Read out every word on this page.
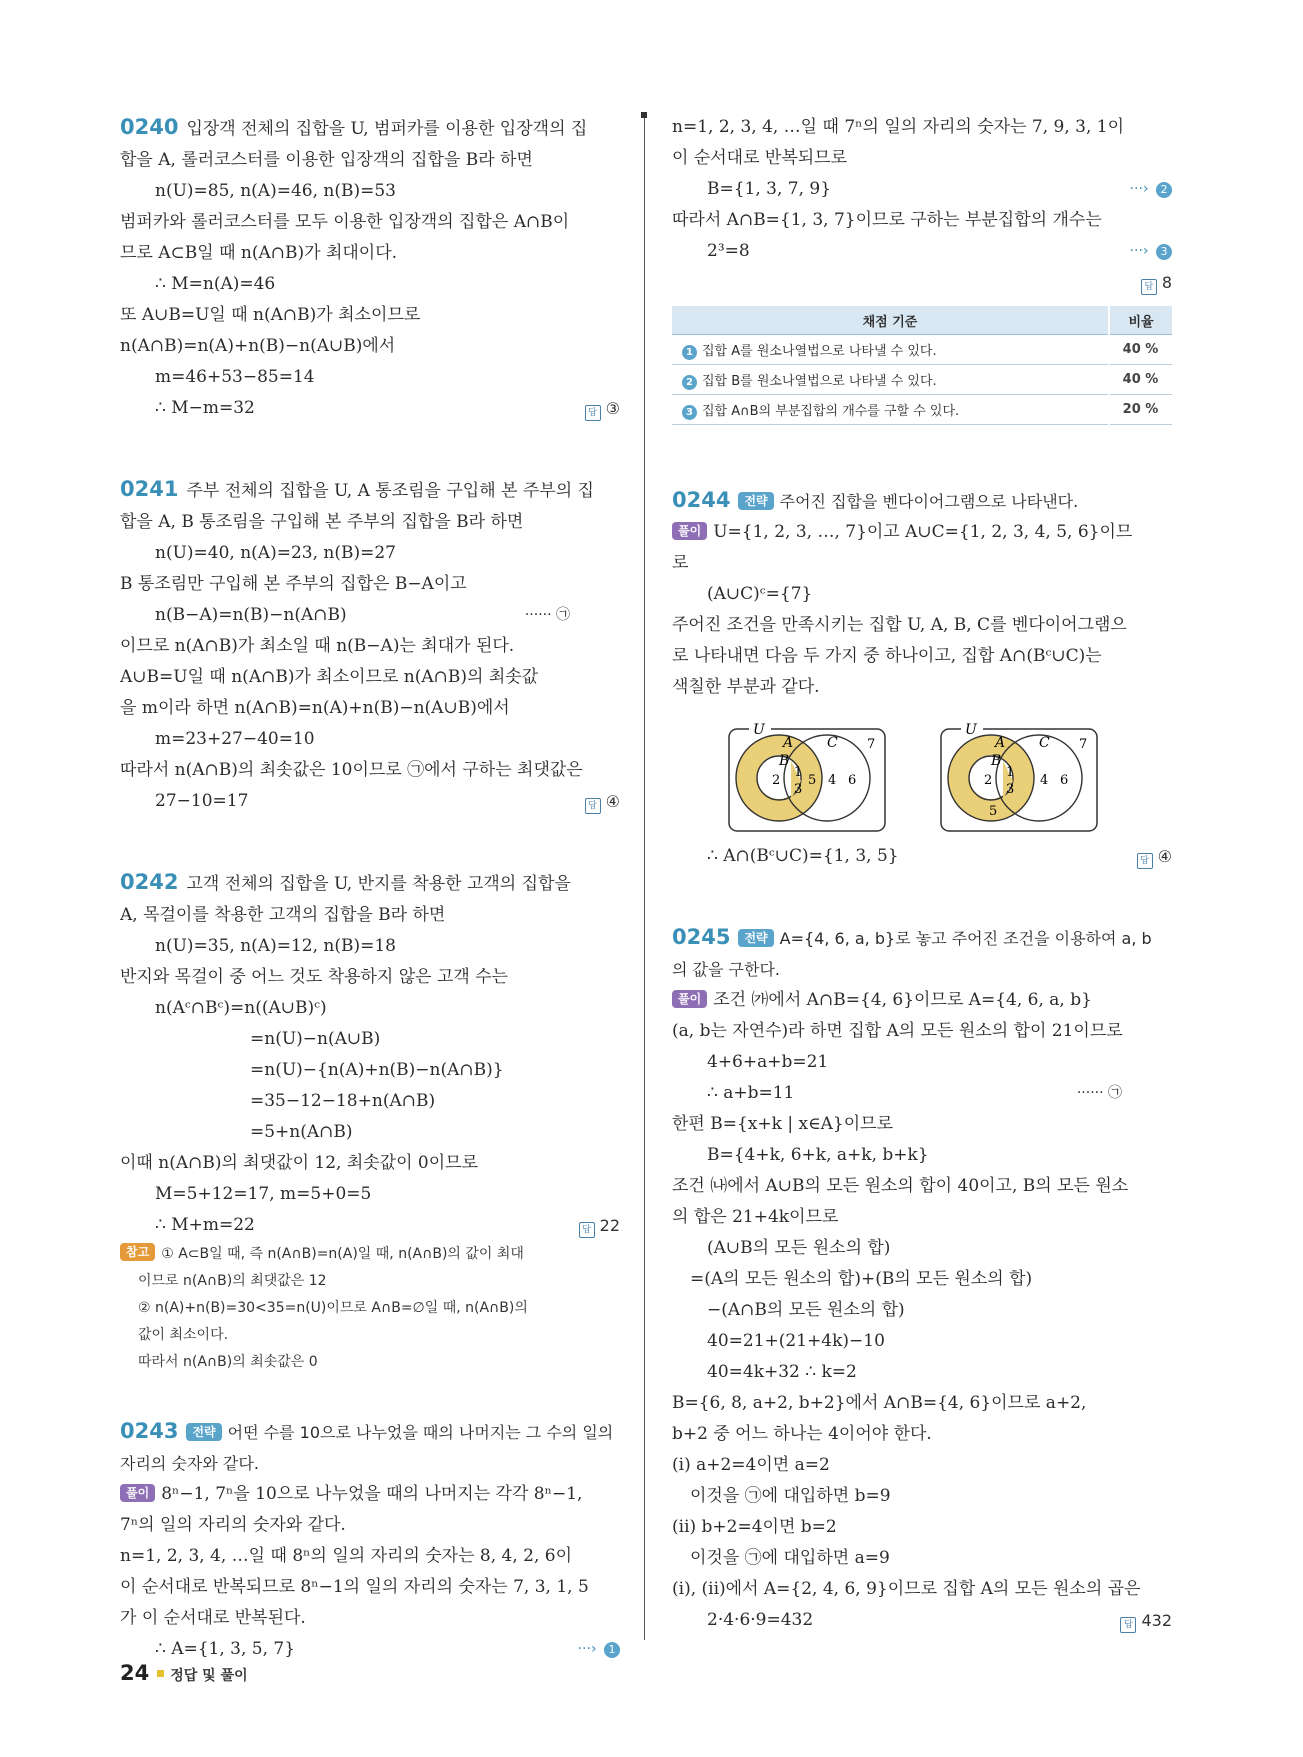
0240 입장객 전체의 집합을 U, 범퍼카를 이용한 입장객의 집
합을 A, 롤러코스터를 이용한 입장객의 집합을 B라 하면
n(U)=85, n(A)=46, n(B)=53
범퍼카와 롤러코스터를 모두 이용한 입장객의 집합은 A∩B이
므로 A⊂B일 때 n(A∩B)가 최대이다.
∴ M=n(A)=46
또 A∪B=U일 때 n(A∩B)가 최소이므로
n(A∩B)=n(A)+n(B)−n(A∪B)에서
m=46+53−85=14
답 ③
∴ M−m=32
0241 주부 전체의 집합을 U, A 통조림을 구입해 본 주부의 집
합을 A, B 통조림을 구입해 본 주부의 집합을 B라 하면
n(U)=40, n(A)=23, n(B)=27
B 통조림만 구입해 본 주부의 집합은 B−A이고
······ ㉠
n(B−A)=n(B)−n(A∩B)
이므로 n(A∩B)가 최소일 때 n(B−A)는 최대가 된다.
A∪B=U일 때 n(A∩B)가 최소이므로 n(A∩B)의 최솟값
을 m이라 하면 n(A∩B)=n(A)+n(B)−n(A∪B)에서
m=23+27−40=10
따라서 n(A∩B)의 최솟값은 10이므로 ㉠에서 구하는 최댓값은
답 ④
27−10=17
0242 고객 전체의 집합을 U, 반지를 착용한 고객의 집합을
A, 목걸이를 착용한 고객의 집합을 B라 하면
n(U)=35, n(A)=12, n(B)=18
반지와 목걸이 중 어느 것도 착용하지 않은 고객 수는
n(Aᶜ∩Bᶜ)=n((A∪B)ᶜ)
=n(U)−n(A∪B)
=n(U)−{n(A)+n(B)−n(A∩B)}
=35−12−18+n(A∩B)
=5+n(A∩B)
이때 n(A∩B)의 최댓값이 12, 최솟값이 0이므로
M=5+12=17, m=5+0=5
답 22
∴ M+m=22
참고 ① A⊂B일 때, 즉 n(A∩B)=n(A)일 때, n(A∩B)의 값이 최대
이므로 n(A∩B)의 최댓값은 12
② n(A)+n(B)=30<35=n(U)이므로 A∩B=∅일 때, n(A∩B)의
값이 최소이다.
따라서 n(A∩B)의 최솟값은 0
0243 전략 어떤 수를 10으로 나누었을 때의 나머지는 그 수의 일의
자리의 숫자와 같다.
풀이 8ⁿ−1, 7ⁿ을 10으로 나누었을 때의 나머지는 각각 8ⁿ−1,
7ⁿ의 일의 자리의 숫자와 같다.
n=1, 2, 3, 4, …일 때 8ⁿ의 일의 자리의 숫자는 8, 4, 2, 6이
이 순서대로 반복되므로 8ⁿ−1의 일의 자리의 숫자는 7, 3, 1, 5
가 이 순서대로 반복된다.
···› 1
∴ A={1, 3, 5, 7}
n=1, 2, 3, 4, …일 때 7ⁿ의 일의 자리의 숫자는 7, 9, 3, 1이
이 순서대로 반복되므로
···› 2
B={1, 3, 7, 9}
따라서 A∩B={1, 3, 7}이므로 구하는 부분집합의 개수는
···› 3
2³=8
답 8

채점 기준	비율
1 집합 A를 원소나열법으로 나타낼 수 있다.	40 %
2 집합 B를 원소나열법으로 나타낼 수 있다.	40 %
3 집합 A∩B의 부분집합의 개수를 구할 수 있다.	20 %
0244 전략 주어진 집합을 벤다이어그램으로 나타낸다.
풀이 U={1, 2, 3, …, 7}이고 A∪C={1, 2, 3, 4, 5, 6}이므
로
(A∪C)ᶜ={7}
주어진 조건을 만족시키는 집합 U, A, B, C를 벤다이어그램으
로 나타내면 다음 두 가지 중 하나이고, 집합 A∩(Bᶜ∪C)는
색칠한 부분과 같다.
U
A
B
C
2
1
3
5 4 6
7
U
A
B
C
2
1
3
5
4 6
7
답 ④
∴ A∩(Bᶜ∪C)={1, 3, 5}
0245 전략 A={4, 6, a, b}로 놓고 주어진 조건을 이용하여 a, b
의 값을 구한다.
풀이 조건 ㈎에서 A∩B={4, 6}이므로 A={4, 6, a, b}
(a, b는 자연수)라 하면 집합 A의 모든 원소의 합이 21이므로
4+6+a+b=21
······ ㉠
∴ a+b=11
한편 B={x+k | x∈A}이므로
B={4+k, 6+k, a+k, b+k}
조건 ㈏에서 A∪B의 모든 원소의 합이 40이고, B의 모든 원소
의 합은 21+4k이므로
(A∪B의 모든 원소의 합)
=(A의 모든 원소의 합)+(B의 모든 원소의 합)
−(A∩B의 모든 원소의 합)
40=21+(21+4k)−10
40=4k+32 ∴ k=2
B={6, 8, a+2, b+2}에서 A∩B={4, 6}이므로 a+2,
b+2 중 어느 하나는 4이어야 한다.
(i) a+2=4이면 a=2
이것을 ㉠에 대입하면 b=9
(ii) b+2=4이면 b=2
이것을 ㉠에 대입하면 a=9
(i), (ii)에서 A={2, 4, 6, 9}이므로 집합 A의 모든 원소의 곱은
답 432
2·4·6·9=432
24 정답 및 풀이
